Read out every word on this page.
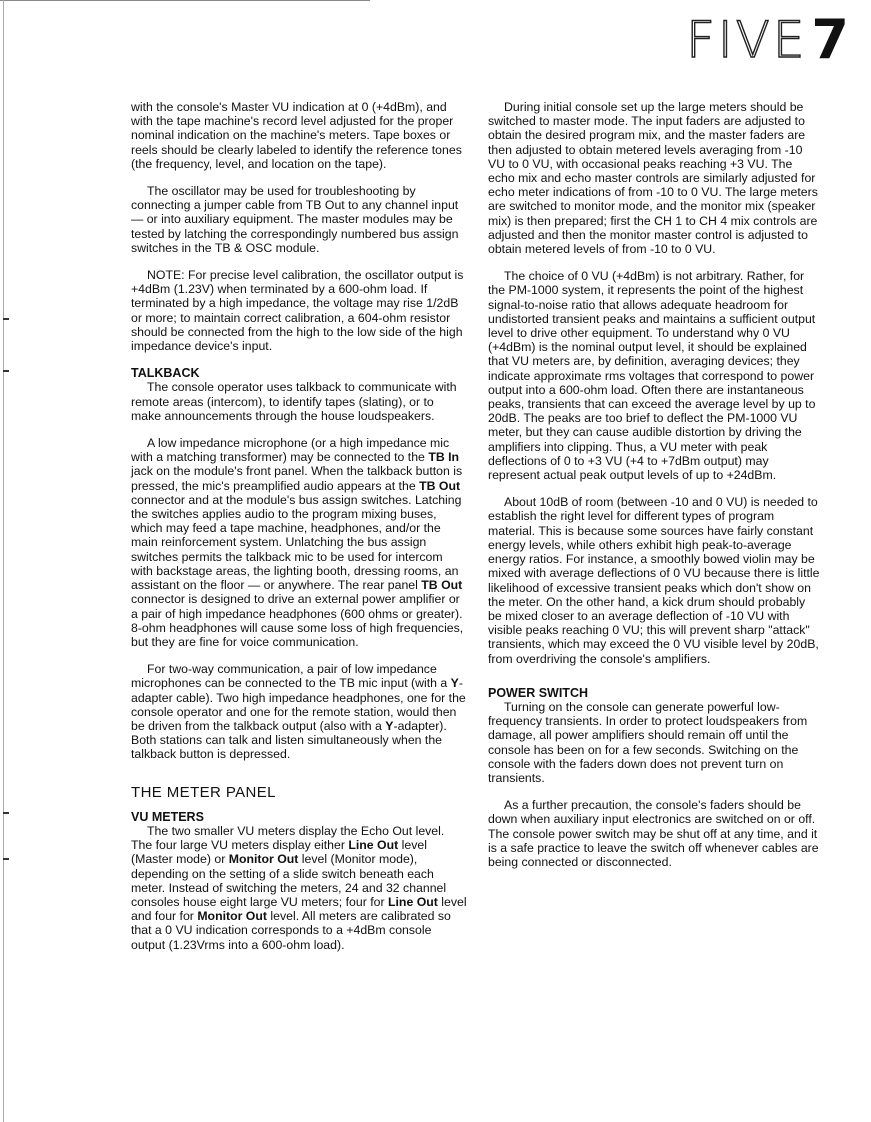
FIVE 7

with the console's Master VU indication at 0 (+4dBm), and with the tape machine's record level adjusted for the proper nominal indication on the machine's meters. Tape boxes or reels should be clearly labeled to identify the reference tones (the frequency, level, and location on the tape).

The oscillator may be used for troubleshooting by connecting a jumper cable from TB Out to any channel input — or into auxiliary equipment. The master modules may be tested by latching the correspondingly numbered bus assign switches in the TB & OSC module.

NOTE: For precise level calibration, the oscillator output is +4dBm (1.23V) when terminated by a 600-ohm load. If terminated by a high impedance, the voltage may rise 1/2dB or more; to maintain correct calibration, a 604-ohm resistor should be connected from the high to the low side of the high impedance device's input.

TALKBACK

The console operator uses talkback to communicate with remote areas (intercom), to identify tapes (slating), or to make announcements through the house loudspeakers.

A low impedance microphone (or a high impedance mic with a matching transformer) may be connected to the TB In jack on the module's front panel. When the talkback button is pressed, the mic's preamplified audio appears at the TB Out connector and at the module's bus assign switches. Latching the switches applies audio to the program mixing buses, which may feed a tape machine, headphones, and/or the main reinforcement system. Unlatching the bus assign switches permits the talkback mic to be used for intercom with backstage areas, the lighting booth, dressing rooms, an assistant on the floor — or anywhere. The rear panel TB Out connector is designed to drive an external power amplifier or a pair of high impedance headphones (600 ohms or greater). 8-ohm headphones will cause some loss of high frequencies, but they are fine for voice communication.

For two-way communication, a pair of low impedance microphones can be connected to the TB mic input (with a Y-adapter cable). Two high impedance headphones, one for the console operator and one for the remote station, would then be driven from the talkback output (also with a Y-adapter). Both stations can talk and listen simultaneously when the talkback button is depressed.

THE METER PANEL
VU METERS

The two smaller VU meters display the Echo Out level. The four large VU meters display either Line Out level (Master mode) or Monitor Out level (Monitor mode), depending on the setting of a slide switch beneath each meter. Instead of switching the meters, 24 and 32 channel consoles house eight large VU meters; four for Line Out level and four for Monitor Out level. All meters are calibrated so that a 0 VU indication corresponds to a +4dBm console output (1.23Vrms into a 600-ohm load).

During initial console set up the large meters should be switched to master mode. The input faders are adjusted to obtain the desired program mix, and the master faders are then adjusted to obtain metered levels averaging from -10 VU to 0 VU, with occasional peaks reaching +3 VU. The echo mix and echo master controls are similarly adjusted for echo meter indications of from -10 to 0 VU. The large meters are switched to monitor mode, and the monitor mix (speaker mix) is then prepared; first the CH 1 to CH 4 mix controls are adjusted and then the monitor master control is adjusted to obtain metered levels of from -10 to 0 VU.

The choice of 0 VU (+4dBm) is not arbitrary. Rather, for the PM-1000 system, it represents the point of the highest signal-to-noise ratio that allows adequate headroom for undistorted transient peaks and maintains a sufficient output level to drive other equipment. To understand why 0 VU (+4dBm) is the nominal output level, it should be explained that VU meters are, by definition, averaging devices; they indicate approximate rms voltages that correspond to power output into a 600-ohm load. Often there are instantaneous peaks, transients that can exceed the average level by up to 20dB. The peaks are too brief to deflect the PM-1000 VU meter, but they can cause audible distortion by driving the amplifiers into clipping. Thus, a VU meter with peak deflections of 0 to +3 VU (+4 to +7dBm output) may represent actual peak output levels of up to +24dBm.

About 10dB of room (between -10 and 0 VU) is needed to establish the right level for different types of program material. This is because some sources have fairly constant energy levels, while others exhibit high peak-to-average energy ratios. For instance, a smoothly bowed violin may be mixed with average deflections of 0 VU because there is little likelihood of excessive transient peaks which don't show on the meter. On the other hand, a kick drum should probably be mixed closer to an average deflection of -10 VU with visible peaks reaching 0 VU; this will prevent sharp "attack" transients, which may exceed the 0 VU visible level by 20dB, from overdriving the console's amplifiers.

POWER SWITCH

Turning on the console can generate powerful low-frequency transients. In order to protect loudspeakers from damage, all power amplifiers should remain off until the console has been on for a few seconds. Switching on the console with the faders down does not prevent turn on transients.

As a further precaution, the console's faders should be down when auxiliary input electronics are switched on or off. The console power switch may be shut off at any time, and it is a safe practice to leave the switch off whenever cables are being connected or disconnected.
